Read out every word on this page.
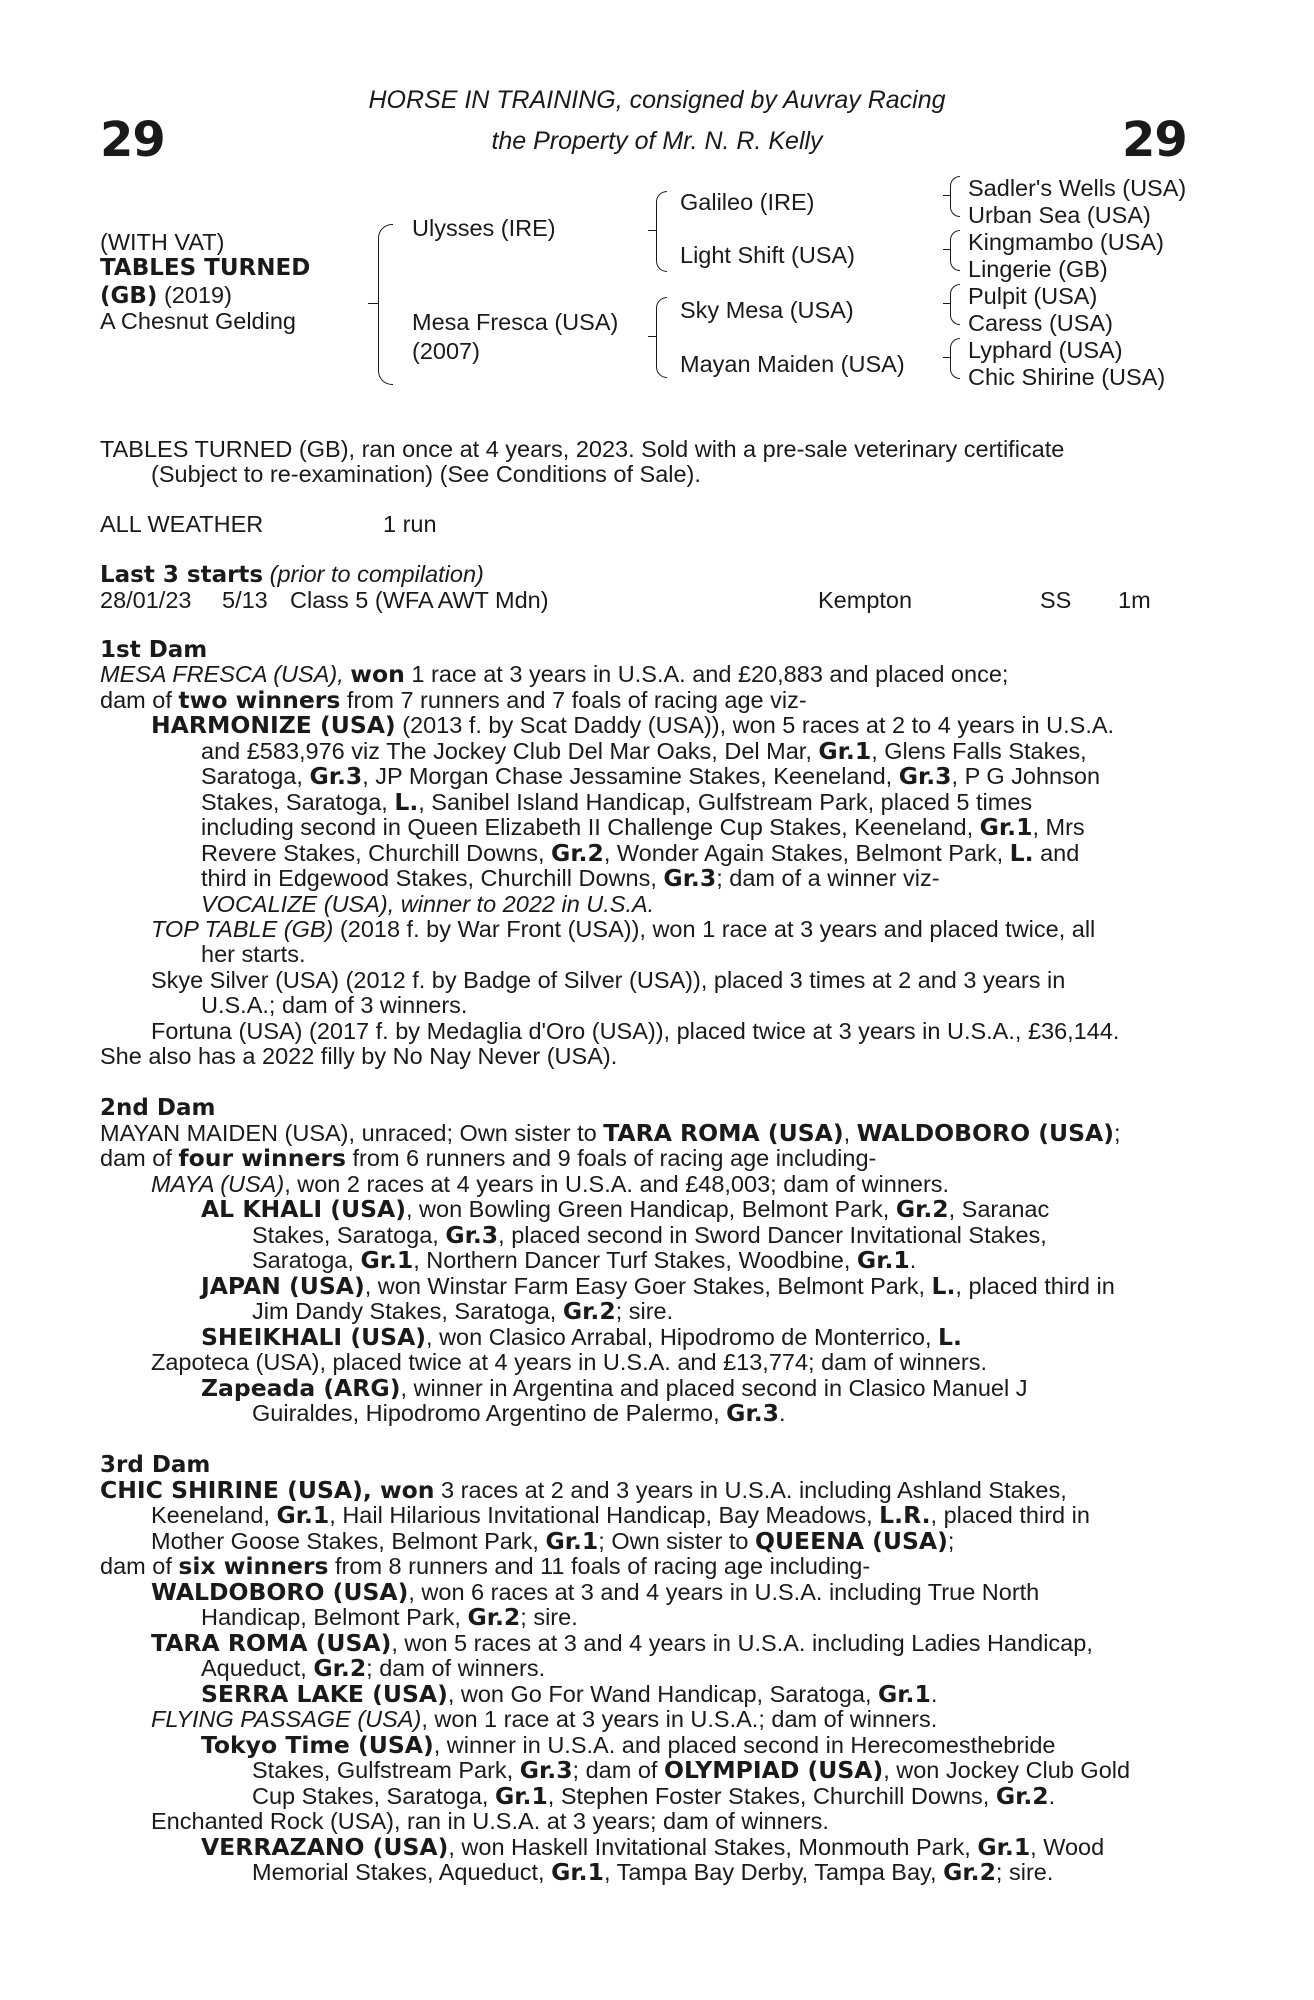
29	29
HORSE IN TRAINING, consigned by Auvray Racing
the Property of Mr. N. R. Kelly
(WITH VAT)
TABLES TURNED
(GB) (2019)
A Chesnut Gelding
Ulysses (IRE)
Mesa Fresca (USA)
(2007)
Galileo (IRE)
Light Shift (USA)
Sky Mesa (USA)
Mayan Maiden (USA)
Sadler's Wells (USA)
Urban Sea (USA)
Kingmambo (USA)
Lingerie (GB)
Pulpit (USA)
Caress (USA)
Lyphard (USA)
Chic Shirine (USA)
TABLES TURNED (GB), ran once at 4 years, 2023. Sold with a pre-sale veterinary certificate
(Subject to re-examination) (See Conditions of Sale).
ALL WEATHER	1 run
Last 3 starts (prior to compilation)
28/01/23 5/13 Class 5 (WFA AWT Mdn)	Kempton	SS 1m
1st Dam
MESA FRESCA (USA), won 1 race at 3 years in U.S.A. and £20,883 and placed once;
dam of two winners from 7 runners and 7 foals of racing age viz-
HARMONIZE (USA) (2013 f. by Scat Daddy (USA)), won 5 races at 2 to 4 years in U.S.A.
and £583,976 viz The Jockey Club Del Mar Oaks, Del Mar, Gr.1, Glens Falls Stakes,
Saratoga, Gr.3, JP Morgan Chase Jessamine Stakes, Keeneland, Gr.3, P G Johnson
Stakes, Saratoga, L., Sanibel Island Handicap, Gulfstream Park, placed 5 times
including second in Queen Elizabeth II Challenge Cup Stakes, Keeneland, Gr.1, Mrs
Revere Stakes, Churchill Downs, Gr.2, Wonder Again Stakes, Belmont Park, L. and
third in Edgewood Stakes, Churchill Downs, Gr.3; dam of a winner viz-
VOCALIZE (USA), winner to 2022 in U.S.A.
TOP TABLE (GB) (2018 f. by War Front (USA)), won 1 race at 3 years and placed twice, all
her starts.
Skye Silver (USA) (2012 f. by Badge of Silver (USA)), placed 3 times at 2 and 3 years in
U.S.A.; dam of 3 winners.
Fortuna (USA) (2017 f. by Medaglia d'Oro (USA)), placed twice at 3 years in U.S.A., £36,144.
She also has a 2022 filly by No Nay Never (USA).
2nd Dam
MAYAN MAIDEN (USA), unraced; Own sister to TARA ROMA (USA), WALDOBORO (USA);
dam of four winners from 6 runners and 9 foals of racing age including-
MAYA (USA), won 2 races at 4 years in U.S.A. and £48,003; dam of winners.
AL KHALI (USA), won Bowling Green Handicap, Belmont Park, Gr.2, Saranac
Stakes, Saratoga, Gr.3, placed second in Sword Dancer Invitational Stakes,
Saratoga, Gr.1, Northern Dancer Turf Stakes, Woodbine, Gr.1.
JAPAN (USA), won Winstar Farm Easy Goer Stakes, Belmont Park, L., placed third in
Jim Dandy Stakes, Saratoga, Gr.2; sire.
SHEIKHALI (USA), won Clasico Arrabal, Hipodromo de Monterrico, L.
Zapoteca (USA), placed twice at 4 years in U.S.A. and £13,774; dam of winners.
Zapeada (ARG), winner in Argentina and placed second in Clasico Manuel J
Guiraldes, Hipodromo Argentino de Palermo, Gr.3.
3rd Dam
CHIC SHIRINE (USA), won 3 races at 2 and 3 years in U.S.A. including Ashland Stakes,
Keeneland, Gr.1, Hail Hilarious Invitational Handicap, Bay Meadows, L.R., placed third in
Mother Goose Stakes, Belmont Park, Gr.1; Own sister to QUEENA (USA);
dam of six winners from 8 runners and 11 foals of racing age including-
WALDOBORO (USA), won 6 races at 3 and 4 years in U.S.A. including True North
Handicap, Belmont Park, Gr.2; sire.
TARA ROMA (USA), won 5 races at 3 and 4 years in U.S.A. including Ladies Handicap,
Aqueduct, Gr.2; dam of winners.
SERRA LAKE (USA), won Go For Wand Handicap, Saratoga, Gr.1.
FLYING PASSAGE (USA), won 1 race at 3 years in U.S.A.; dam of winners.
Tokyo Time (USA), winner in U.S.A. and placed second in Herecomesthebride
Stakes, Gulfstream Park, Gr.3; dam of OLYMPIAD (USA), won Jockey Club Gold
Cup Stakes, Saratoga, Gr.1, Stephen Foster Stakes, Churchill Downs, Gr.2.
Enchanted Rock (USA), ran in U.S.A. at 3 years; dam of winners.
VERRAZANO (USA), won Haskell Invitational Stakes, Monmouth Park, Gr.1, Wood
Memorial Stakes, Aqueduct, Gr.1, Tampa Bay Derby, Tampa Bay, Gr.2; sire.
